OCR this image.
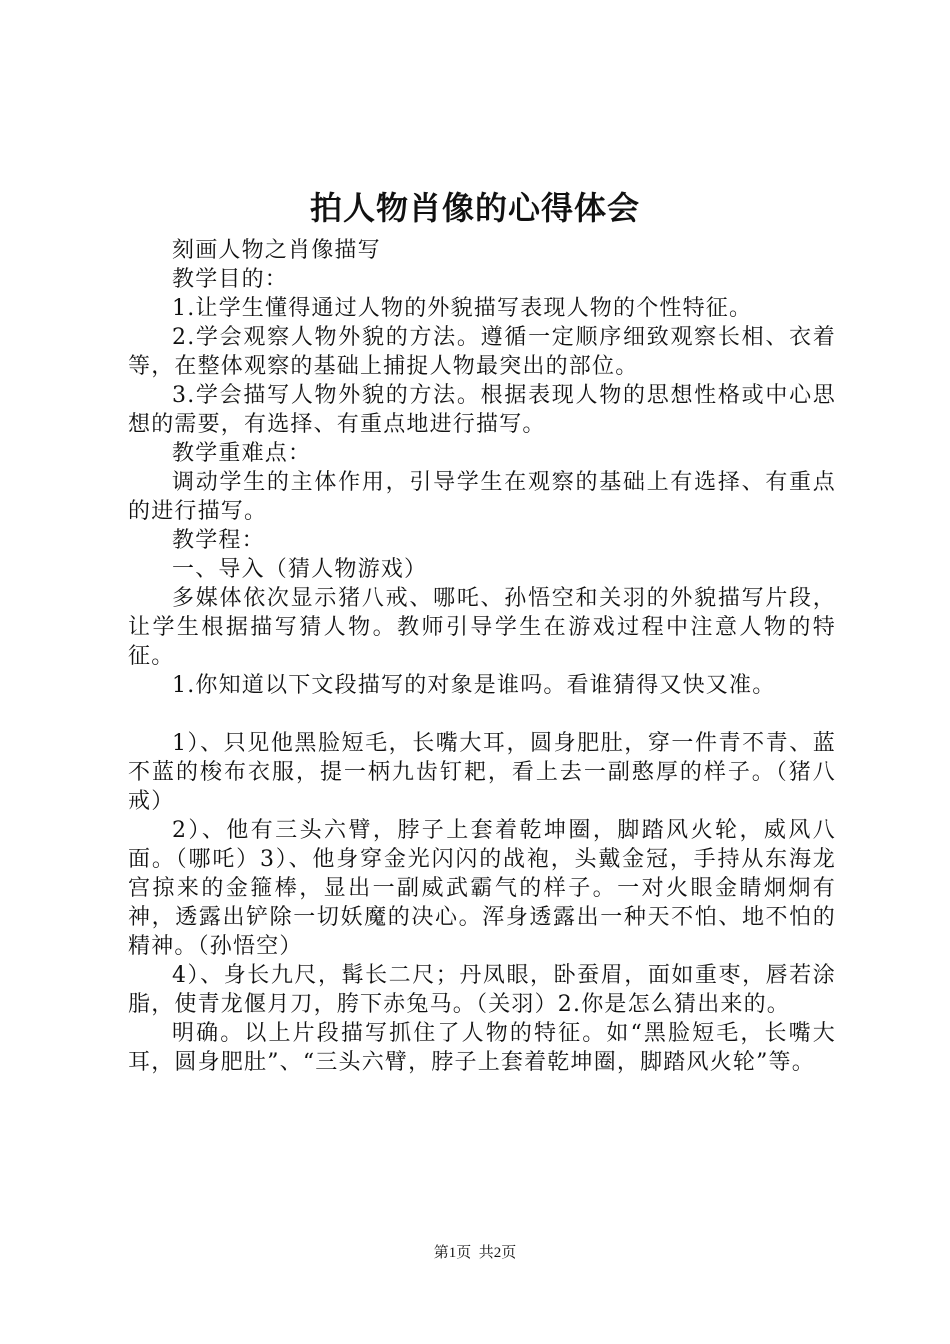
拍人物肖像的心得体会

刻画人物之肖像描写

教学目的：

1.让学生懂得通过人物的外貌描写表现人物的个性特征。

2.学会观察人物外貌的方法。遵循一定顺序细致观察长相、衣着等，在整体观察的基础上捕捉人物最突出的部位。

3.学会描写人物外貌的方法。根据表现人物的思想性格或中心思想的需要，有选择、有重点地进行描写。

教学重难点：

调动学生的主体作用，引导学生在观察的基础上有选择、有重点的进行描写。

教学程：

一、导入（猜人物游戏）

多媒体依次显示猪八戒、哪吒、孙悟空和关羽的外貌描写片段，让学生根据描写猜人物。教师引导学生在游戏过程中注意人物的特征。

1.你知道以下文段描写的对象是谁吗。看谁猜得又快又准。

1）、只见他黑脸短毛，长嘴大耳，圆身肥肚，穿一件青不青、蓝不蓝的梭布衣服，提一柄九齿钉耙，看上去一副憨厚的样子。（猪八戒）

2）、他有三头六臂，脖子上套着乾坤圈，脚踏风火轮，威风八面。（哪吒）3）、他身穿金光闪闪的战袍，头戴金冠，手持从东海龙宫掠来的金箍棒，显出一副威武霸气的样子。一对火眼金睛炯炯有神，透露出铲除一切妖魔的决心。浑身透露出一种天不怕、地不怕的精神。（孙悟空）

4）、身长九尺，髯长二尺；丹凤眼，卧蚕眉，面如重枣，唇若涂脂，使青龙偃月刀，胯下赤兔马。（关羽）2.你是怎么猜出来的。

明确。以上片段描写抓住了人物的特征。如“黑脸短毛，长嘴大耳，圆身肥肚”、“三头六臂，脖子上套着乾坤圈，脚踏风火轮”等。

第1页  共2页
